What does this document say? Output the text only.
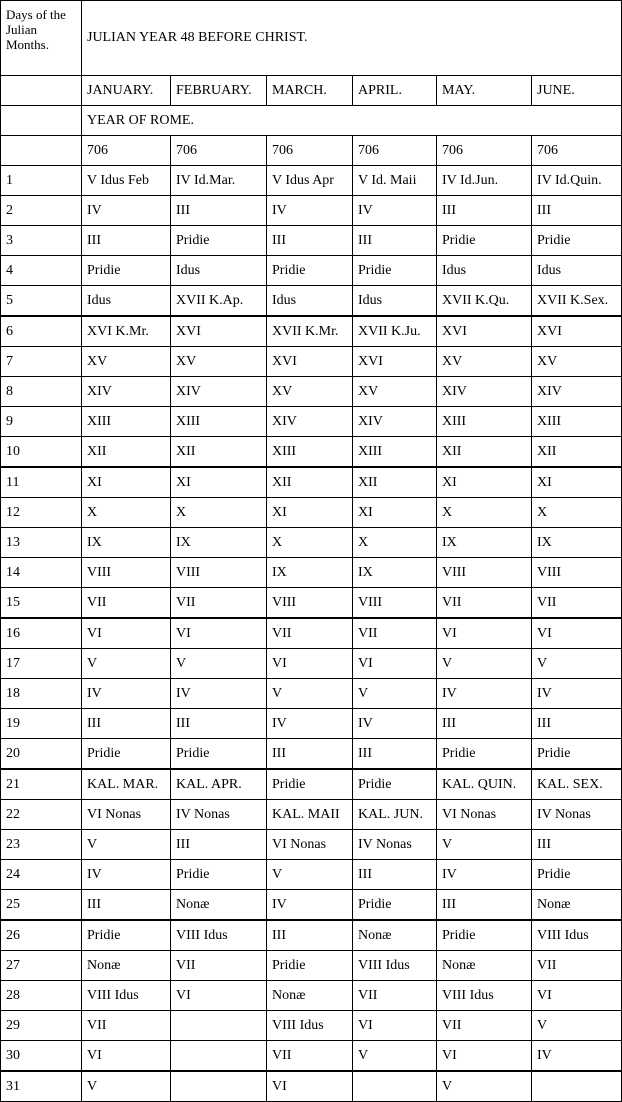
Days of the Julian Months.	JULIAN YEAR 48 BEFORE CHRIST.					
	JANUARY.	FEBRUARY.	MARCH.	APRIL.	MAY.	JUNE.
	YEAR OF ROME.					
	706	706	706	706	706	706
1	V Idus Feb	IV Id.Mar.	V Idus Apr	V Id. Maii	IV Id.Jun.	IV Id.Quin.
2	IV	III	IV	IV	III	III
3	III	Pridie	III	III	Pridie	Pridie
4	Pridie	Idus	Pridie	Pridie	Idus	Idus
5	Idus	XVII K.Ap.	Idus	Idus	XVII K.Qu.	XVII K.Sex.
6	XVI K.Mr.	XVI	XVII K.Mr.	XVII K.Ju.	XVI	XVI
7	XV	XV	XVI	XVI	XV	XV
8	XIV	XIV	XV	XV	XIV	XIV
9	XIII	XIII	XIV	XIV	XIII	XIII
10	XII	XII	XIII	XIII	XII	XII
11	XI	XI	XII	XII	XI	XI
12	X	X	XI	XI	X	X
13	IX	IX	X	X	IX	IX
14	VIII	VIII	IX	IX	VIII	VIII
15	VII	VII	VIII	VIII	VII	VII
16	VI	VI	VII	VII	VI	VI
17	V	V	VI	VI	V	V
18	IV	IV	V	V	IV	IV
19	III	III	IV	IV	III	III
20	Pridie	Pridie	III	III	Pridie	Pridie
21	KAL. MAR.	KAL. APR.	Pridie	Pridie	KAL. QUIN.	KAL. SEX.
22	VI Nonas	IV Nonas	KAL. MAII	KAL. JUN.	VI Nonas	IV Nonas
23	V	III	VI Nonas	IV Nonas	V	III
24	IV	Pridie	V	III	IV	Pridie
25	III	Nonæ	IV	Pridie	III	Nonæ
26	Pridie	VIII Idus	III	Nonæ	Pridie	VIII Idus
27	Nonæ	VII	Pridie	VIII Idus	Nonæ	VII
28	VIII Idus	VI	Nonæ	VII	VIII Idus	VI
29	VII		VIII Idus	VI	VII	V
30	VI		VII	V	VI	IV
31	V		VI		V	
